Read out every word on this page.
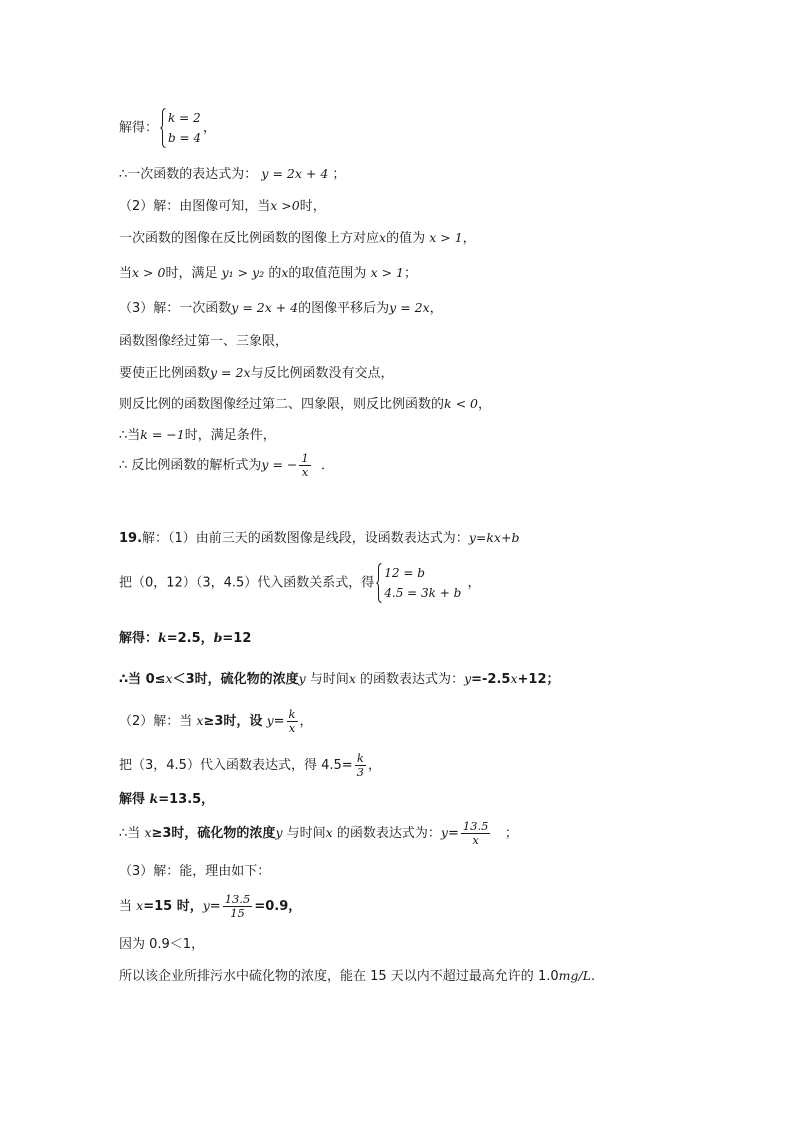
解得：
k = 2
b = 4
，
∴一次函数的表达式为： y = 2x + 4 ；
（2）解：由图像可知，当x >0时，
一次函数的图像在反比例函数的图像上方对应x的值为 x > 1，
当x > 0时，满足 y₁ > y₂ 的x的取值范围为 x > 1；
（3）解：一次函数y = 2x + 4的图像平移后为y = 2x，
函数图像经过第一、三象限，
要使正比例函数y = 2x与反比例函数没有交点，
则反比例的函数图像经过第二、四象限，则反比例函数的k < 0，
∴当k = −1时，满足条件，
∴ 反比例函数的解析式为y = − $\frac{1}{x}$ ．
19.解：（1）由前三天的函数图像是线段，设函数表达式为：y=kx+b
把（0，12）（3，4.5）代入函数关系式，得
12 = b
4.5 = 3k + b
，
解得：k=2.5，b=12
∴当 0≤x＜3时，硫化物的浓度y 与时间x 的函数表达式为：y=-2.5x+12；
（2）解：当 x≥3时，设 $y= \frac{k}{x}$ ，
把（3，4.5）代入函数表达式，得 $4.5= \frac{k}{3}$ ，
解得 k=13.5，
∴当 x≥3时，硫化物的浓度y 与时间x 的函数表达式为：$y= \frac{13.5}{x}$ ；
（3）解：能，理由如下：
当 x=15 时，$y= \frac{13.5}{15} =0.9$，
因为 0.9＜1，
所以该企业所排污水中硫化物的浓度，能在 15 天以内不超过最高允许的 1.0mg/L.
